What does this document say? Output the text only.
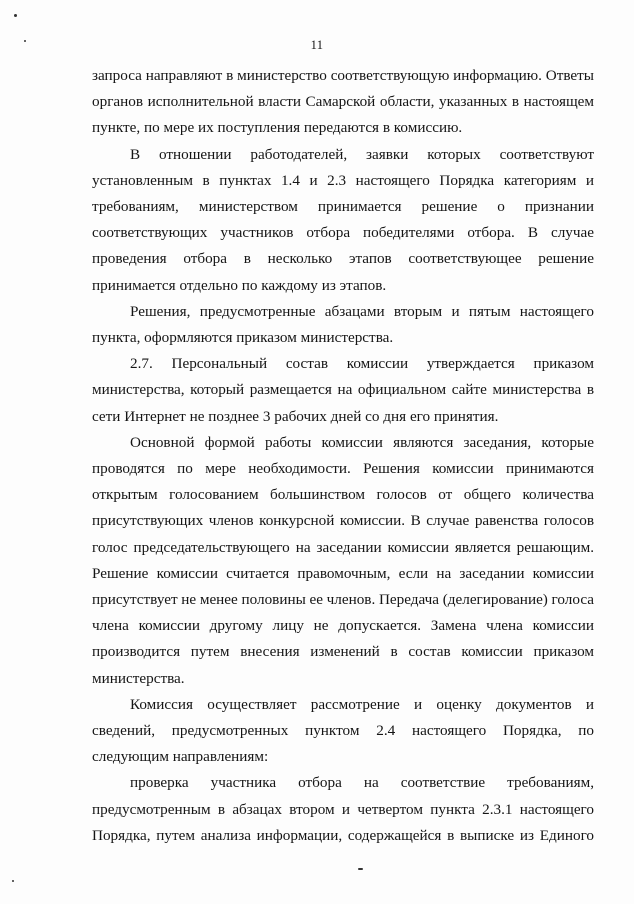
11
запроса направляют в министерство соответствующую информацию. Ответы
органов исполнительной власти Самарской области, указанных в настоящем
пункте, по мере их поступления передаются в комиссию.
В отношении работодателей, заявки которых соответствуют
установленным в пунктах 1.4 и 2.3 настоящего Порядка категориям и
требованиям, министерством принимается решение о признании
соответствующих участников отбора победителями отбора. В случае
проведения отбора в несколько этапов соответствующее решение
принимается отдельно по каждому из этапов.
Решения, предусмотренные абзацами вторым и пятым настоящего
пункта, оформляются приказом министерства.
2.7. Персональный состав комиссии утверждается приказом
министерства, который размещается на официальном сайте министерства в
сети Интернет не позднее 3 рабочих дней со дня его принятия.
Основной формой работы комиссии являются заседания, которые
проводятся по мере необходимости. Решения комиссии принимаются
открытым голосованием большинством голосов от общего количества
присутствующих членов конкурсной комиссии. В случае равенства голосов
голос председательствующего на заседании комиссии является решающим.
Решение комиссии считается правомочным, если на заседании комиссии
присутствует не менее половины ее членов. Передача (делегирование) голоса
члена комиссии другому лицу не допускается. Замена члена комиссии
производится путем внесения изменений в состав комиссии приказом
министерства.
Комиссия осуществляет рассмотрение и оценку документов и
сведений, предусмотренных пунктом 2.4 настоящего Порядка, по
следующим направлениям:
проверка участника отбора на соответствие требованиям,
предусмотренным в абзацах втором и четвертом пункта 2.3.1 настоящего
Порядка, путем анализа информации, содержащейся в выписке из Единого
